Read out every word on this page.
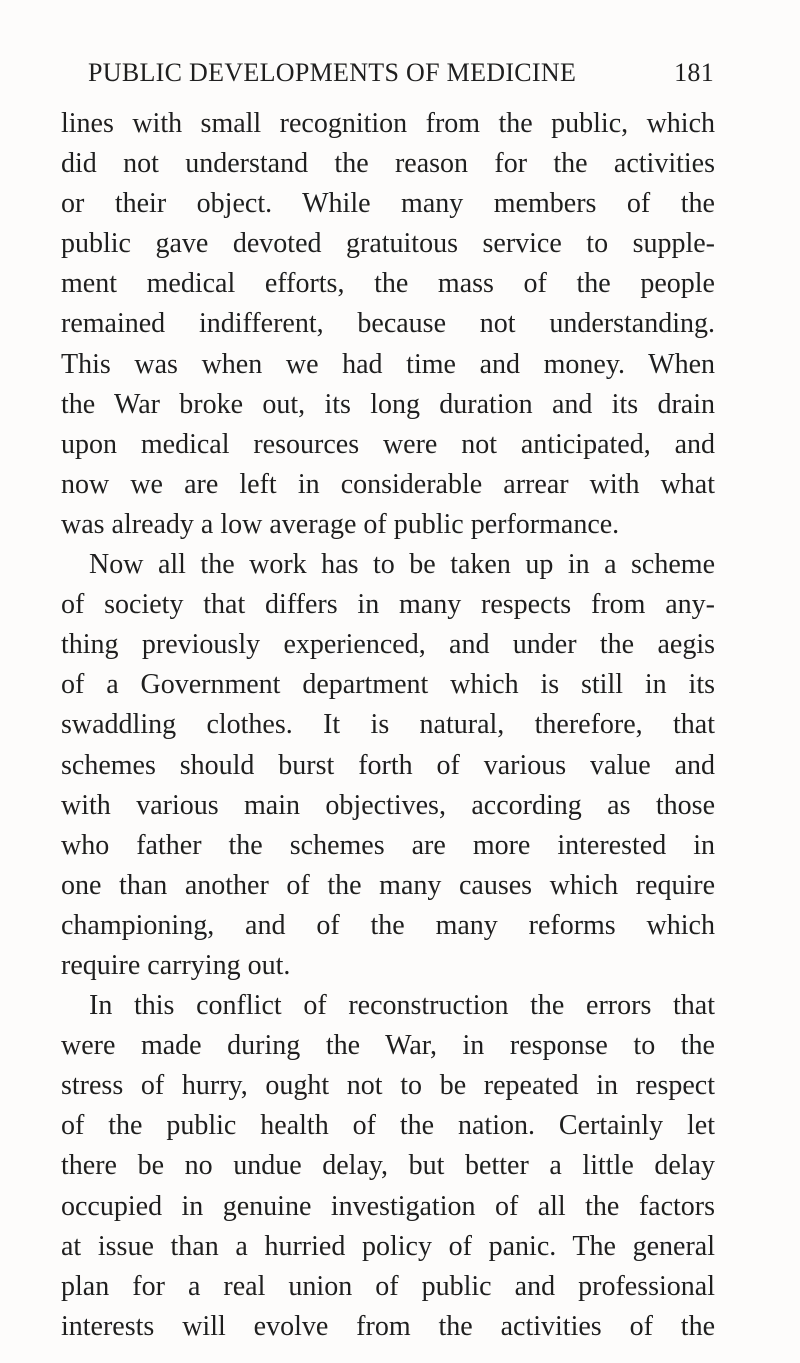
PUBLIC DEVELOPMENTS OF MEDICINE	181
lines with small recognition from the public, which
did not understand the reason for the activities
or their object. While many members of the
public gave devoted gratuitous service to supple-
ment medical efforts, the mass of the people
remained indifferent, because not understanding.
This was when we had time and money. When
the War broke out, its long duration and its drain
upon medical resources were not anticipated, and
now we are left in considerable arrear with what
was already a low average of public performance.
Now all the work has to be taken up in a scheme
of society that differs in many respects from any-
thing previously experienced, and under the aegis
of a Government department which is still in its
swaddling clothes. It is natural, therefore, that
schemes should burst forth of various value and
with various main objectives, according as those
who father the schemes are more interested in
one than another of the many causes which require
championing, and of the many reforms which
require carrying out.
In this conflict of reconstruction the errors that
were made during the War, in response to the
stress of hurry, ought not to be repeated in respect
of the public health of the nation. Certainly let
there be no undue delay, but better a little delay
occupied in genuine investigation of all the factors
at issue than a hurried policy of panic. The general
plan for a real union of public and professional
interests will evolve from the activities of the
